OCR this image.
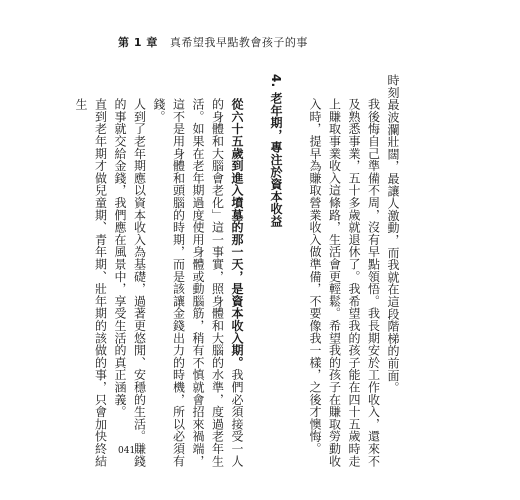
第 1 章 真希望我早點教會孩子的事

時刻最波瀾壯闊，最讓人激動，而我就在這段階梯的前面。

我後悔自己準備不周，沒有早點領悟。我長期安於工作收入，還來不及熟悉事業，五十多歲就退休了。我希望我的孩子能在四十五歲時走上賺取事業收入這條路，生活會更輕鬆。希望我的孩子在賺取勞動收入時，提早為賺取營業收入做準備，不要像我一樣，之後才懊悔。

4. 老年期，專注於資本收益

從六十五歲到進入墳墓的那一天，是資本收入期。我們必須接受一人的身體和大腦會老化」這一事實，照身體和大腦的水準，度過老年生活。如果在老年期過度使用身體或動腦筋，稍有不慎就會招來禍端，這不是用身體和頭腦的時期，而是該讓金錢出力的時機，所以必須有錢。

人到了老年期應以資本收入為基礎，過著更悠閒、安穩的生活。賺錢的事就交給金錢，我們應在風景中，享受生活的真正涵義。

直到老年期才做兒童期、青年期、壯年期的該做的事，只會加快終結生

041
